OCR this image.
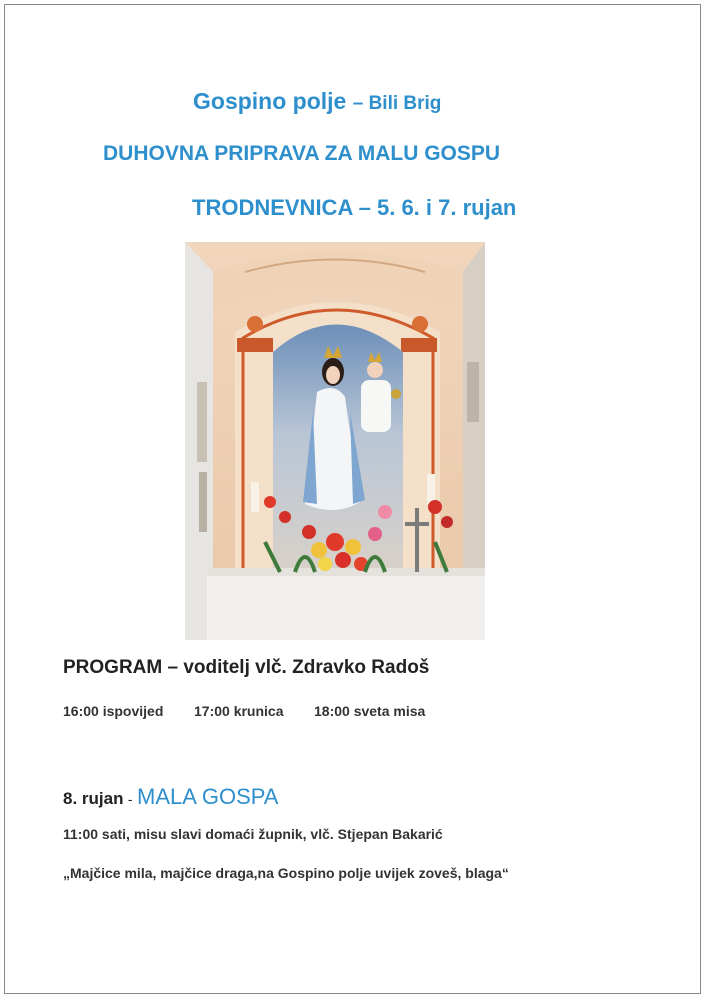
Gospino polje – Bili Brig
DUHOVNA PRIPRAVA ZA MALU GOSPU
TRODNEVNICA – 5. 6. i 7. rujan
PROGRAM – voditelj vlč. Zdravko Radoš
16:00 ispovijed 17:00 krunica 18:00 sveta misa
8. rujan - MALA GOSPA
11:00 sati, misu slavi domaći župnik, vlč. Stjepan Bakarić
„Majčice mila, majčice draga,na Gospino polje uvijek zoveš, blaga“
